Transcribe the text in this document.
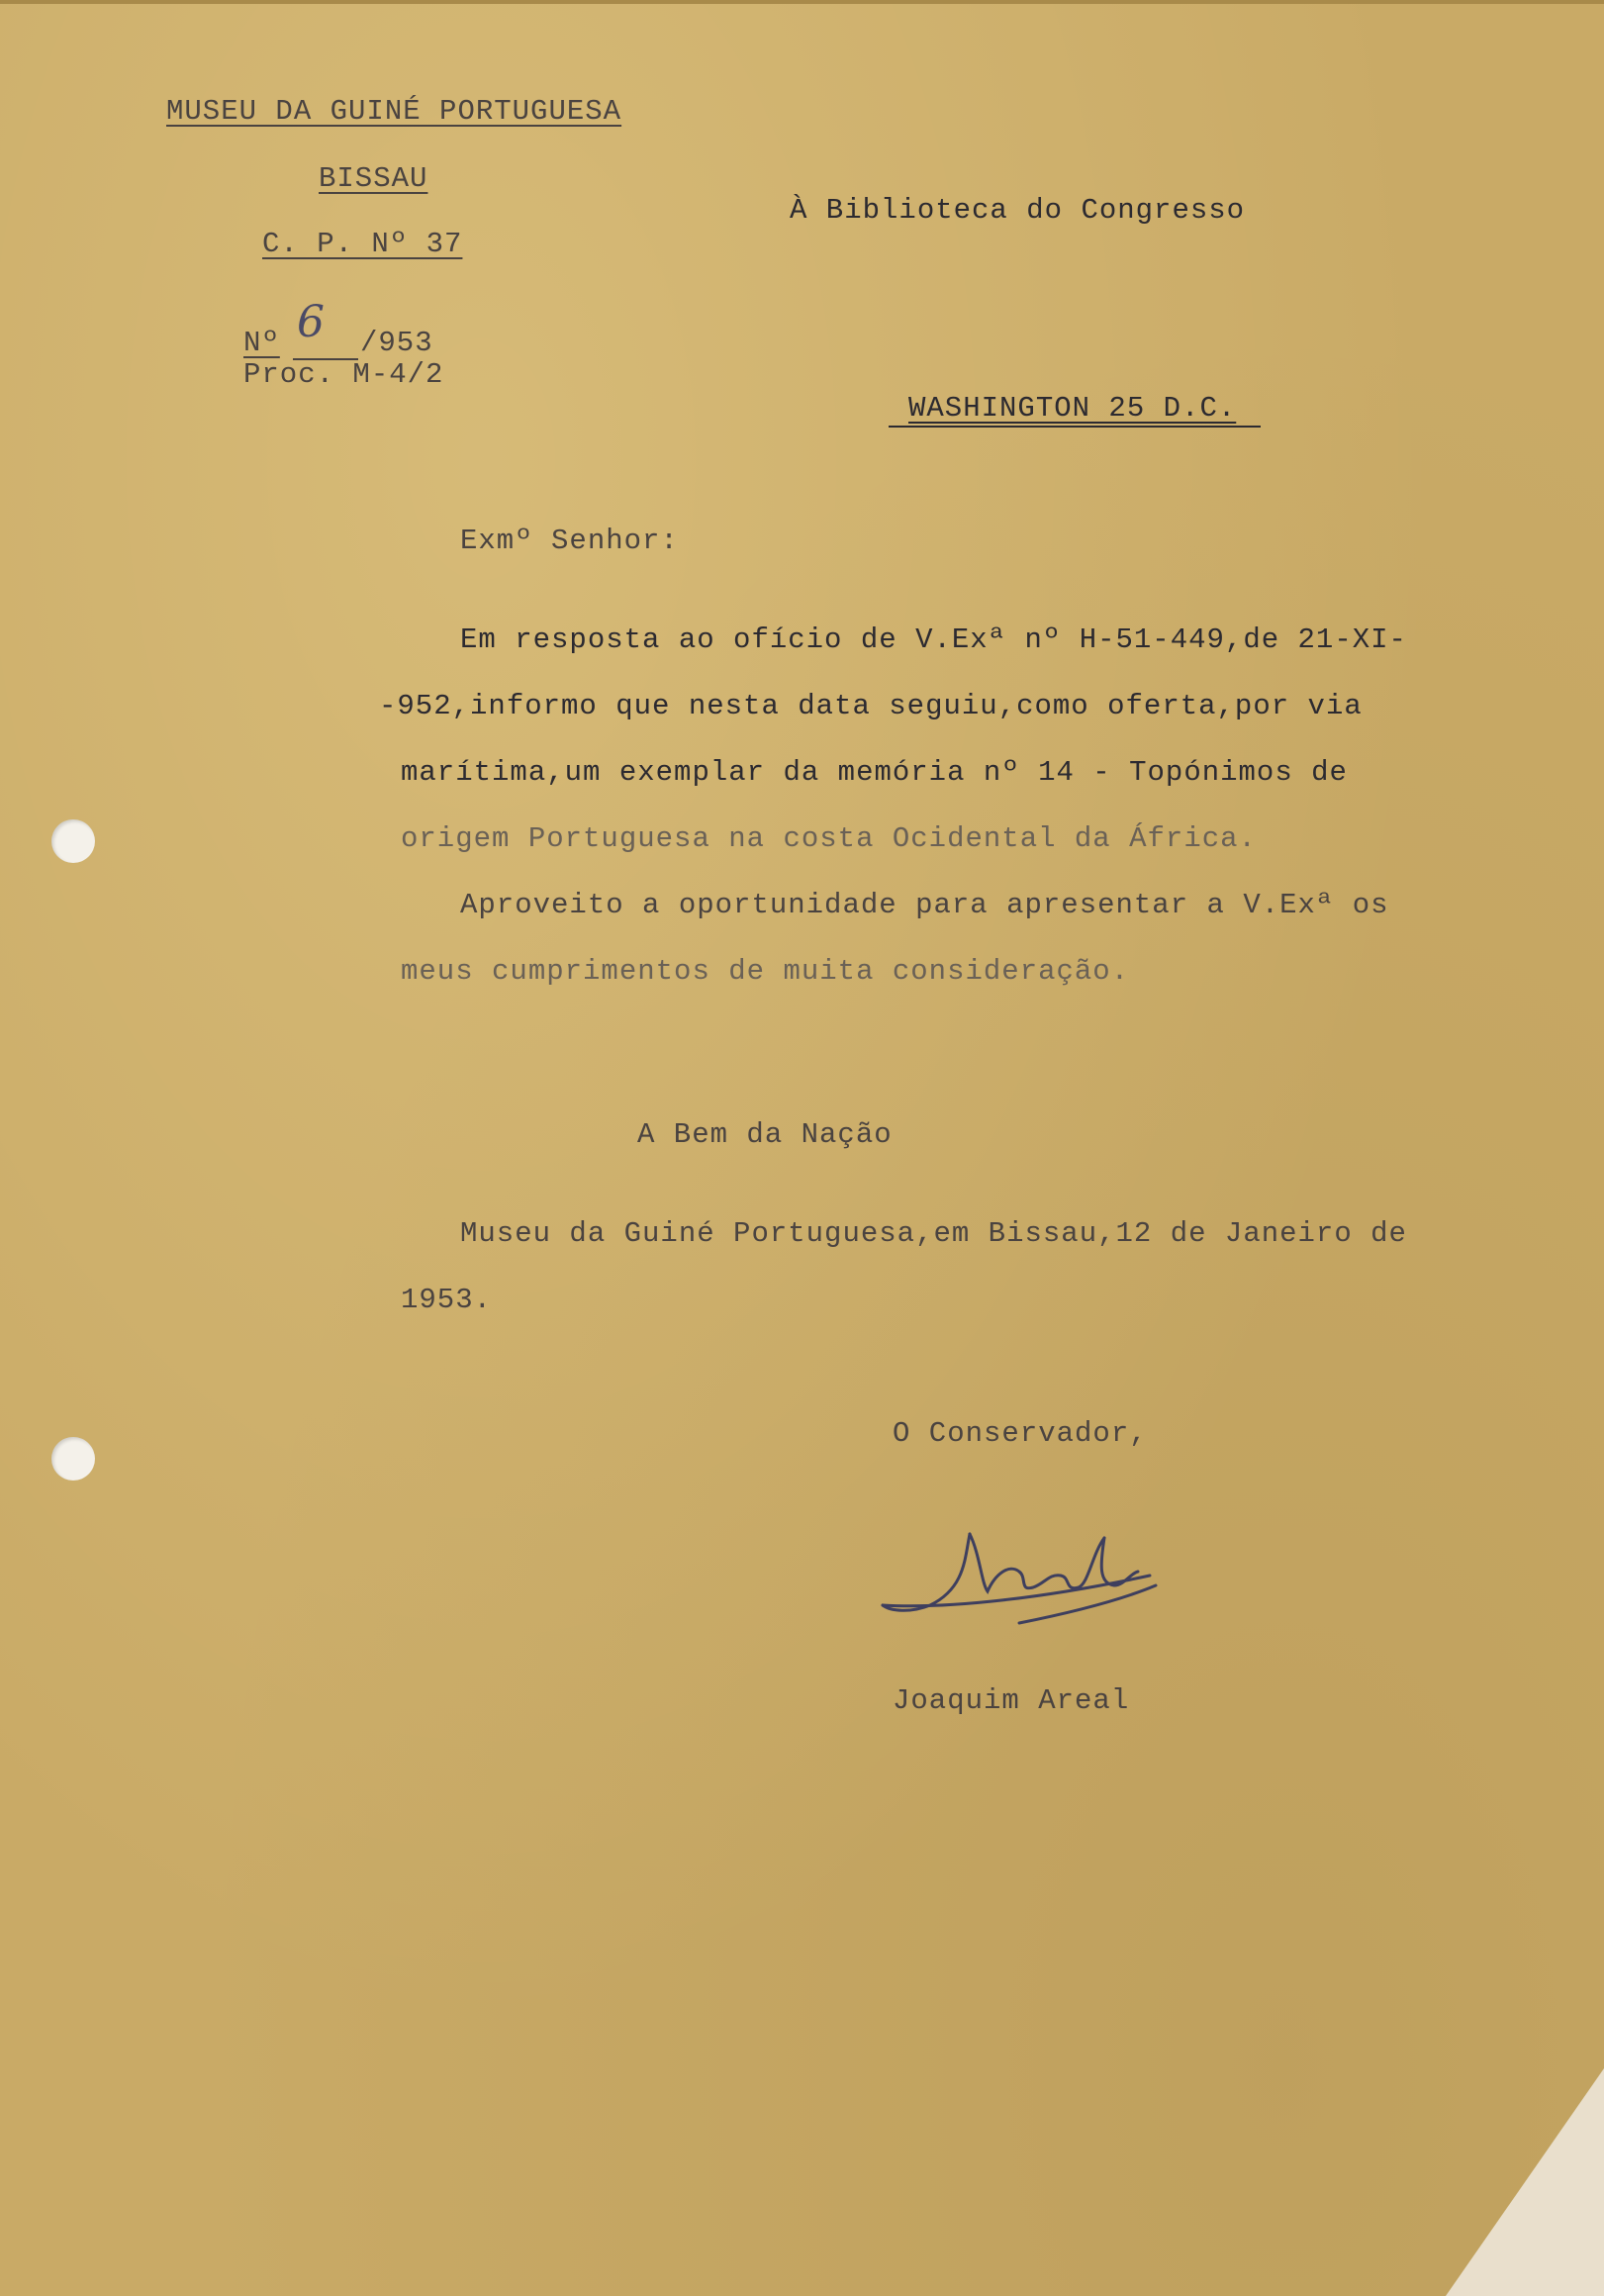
MUSEU DA GUINÉ PORTUGUESA

BISSAU

C. P. Nº 37

Nº 6 /953

Proc. M-4/2

À Biblioteca do Congresso

WASHINGTON 25 D.C.

Exmº Senhor:

Em resposta ao ofício de V.Exª nº H-51-449,de 21-XI-

-952,informo que nesta data seguiu,como oferta,por via

marítima,um exemplar da memória nº 14 - Topónimos de

origem Portuguesa na costa Ocidental da África.

Aproveito a oportunidade para apresentar a V.Exª os

meus cumprimentos de muita consideração.

A Bem da Nação

Museu da Guiné Portuguesa,em Bissau,12 de Janeiro de

1953.

O Conservador,

Joaquim Areal
